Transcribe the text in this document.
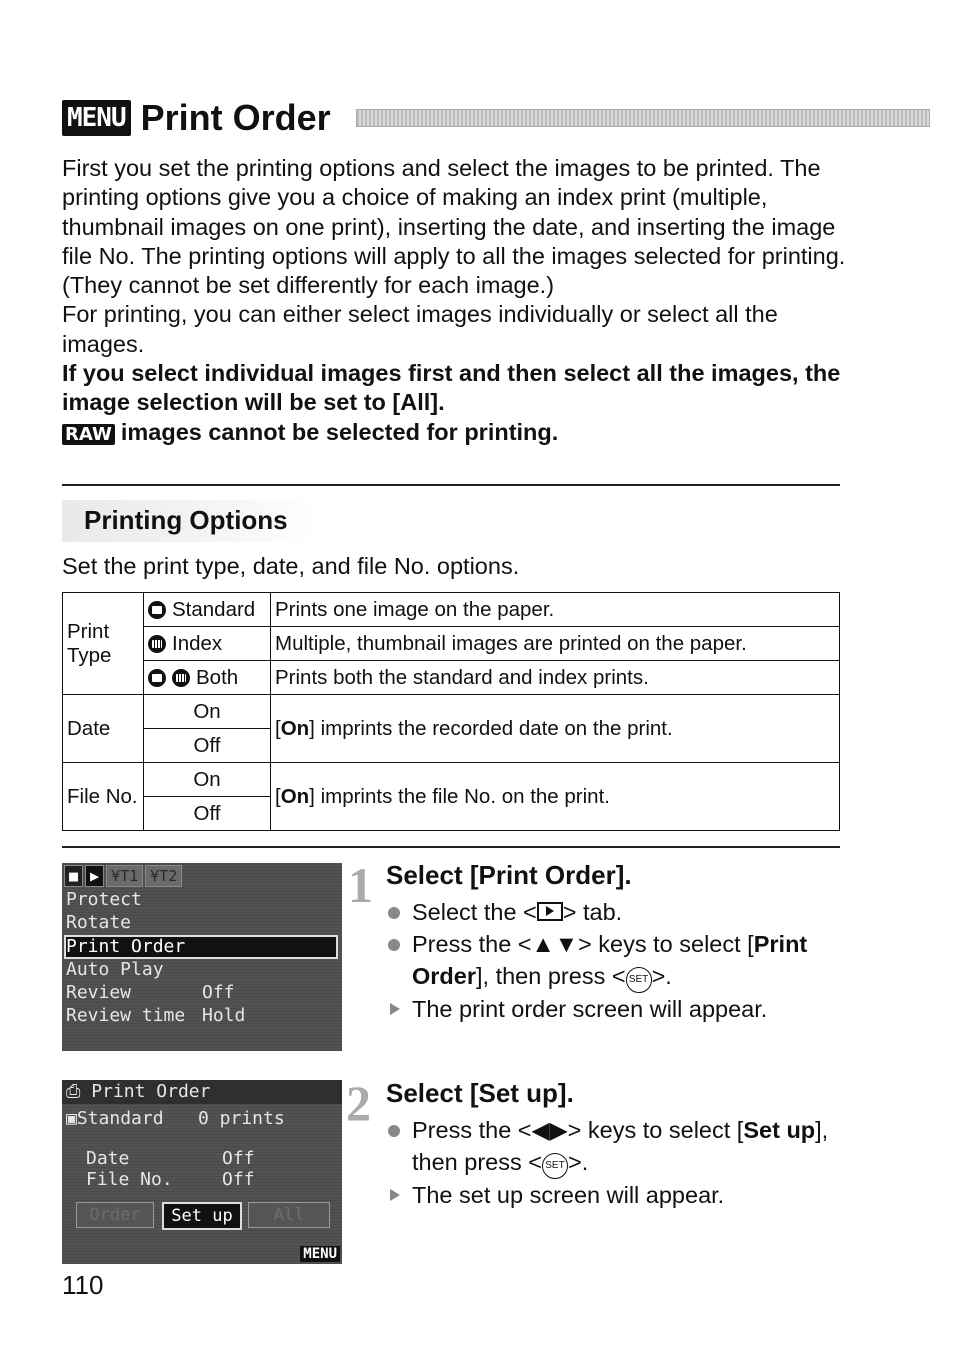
MENU Print Order

First you set the printing options and select the images to be printed. The printing options give you a choice of making an index print (multiple, thumbnail images on one print), inserting the date, and inserting the image file No. The printing options will apply to all the images selected for printing. (They cannot be set differently for each image.)

For printing, you can either select images individually or select all the images.

If you select individual images first and then select all the images, the image selection will be set to [All].

RAW images cannot be selected for printing.

Printing Options
Set the print type, date, and file No. options.
Print Type	Standard	Prints one image on the paper.
	Index	Multiple, thumbnail images are printed on the paper.
	Both	Prints both the standard and index prints.
Date	On	[On] imprints the recorded date on the print.
	Off	
File No.	On	[On] imprints the file No. on the print.
	Off	
■ ▶ ¥T1 ¥T2
Protect
Rotate
Print Order
Auto Play
Review	Off
Review time Hold
⎙ Print Order
▣Standard 0 prints
Date	Off
File No.	Off
Order	Set up	All
MENU
1 Select [Print Order].
Select the < > tab.
Press the <▲▼> keys to select [Print Order], then press < SET >.
The print order screen will appear.
2 Select [Set up].
Press the <◀▶> keys to select [Set up], then press < SET >.
The set up screen will appear.
110
